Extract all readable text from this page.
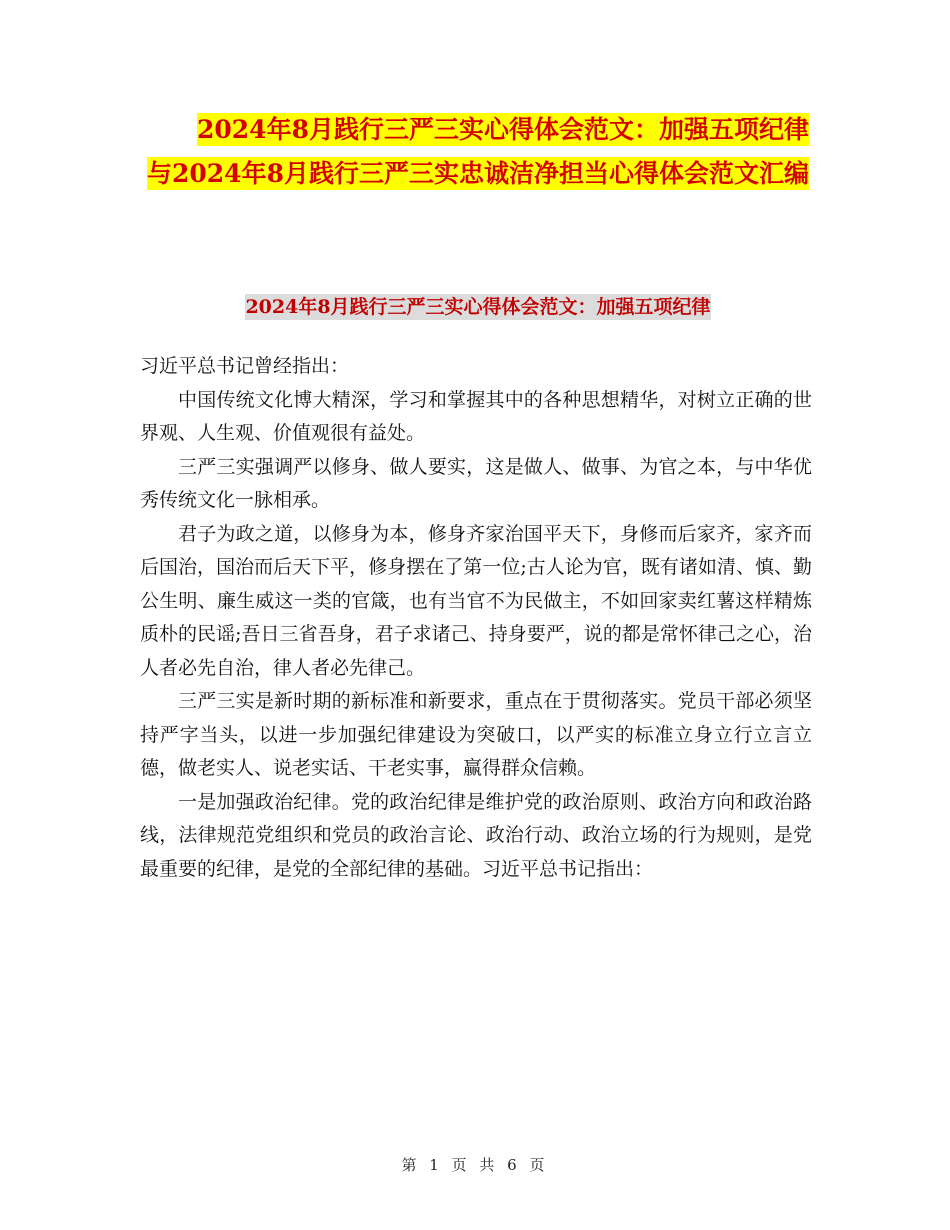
2024年8月践行三严三实心得体会范文：加强五项纪律与2024年8月践行三严三实忠诚洁净担当心得体会范文汇编
2024年8月践行三严三实心得体会范文：加强五项纪律

习近平总书记曾经指出：

中国传统文化博大精深，学习和掌握其中的各种思想精华，对树立正确的世界观、人生观、价值观很有益处。

三严三实强调严以修身、做人要实，这是做人、做事、为官之本，与中华优秀传统文化一脉相承。

君子为政之道，以修身为本，修身齐家治国平天下，身修而后家齐，家齐而后国治，国治而后天下平，修身摆在了第一位;古人论为官，既有诸如清、慎、勤公生明、廉生威这一类的官箴，也有当官不为民做主，不如回家卖红薯这样精炼质朴的民谣;吾日三省吾身，君子求诸己、持身要严，说的都是常怀律己之心，治人者必先自治，律人者必先律己。

三严三实是新时期的新标准和新要求，重点在于贯彻落实。党员干部必须坚持严字当头，以进一步加强纪律建设为突破口，以严实的标准立身立行立言立德，做老实人、说老实话、干老实事，赢得群众信赖。

一是加强政治纪律。党的政治纪律是维护党的政治原则、政治方向和政治路线，法律规范党组织和党员的政治言论、政治行动、政治立场的行为规则，是党最重要的纪律，是党的全部纪律的基础。习近平总书记指出：

第 1 页 共 6 页
